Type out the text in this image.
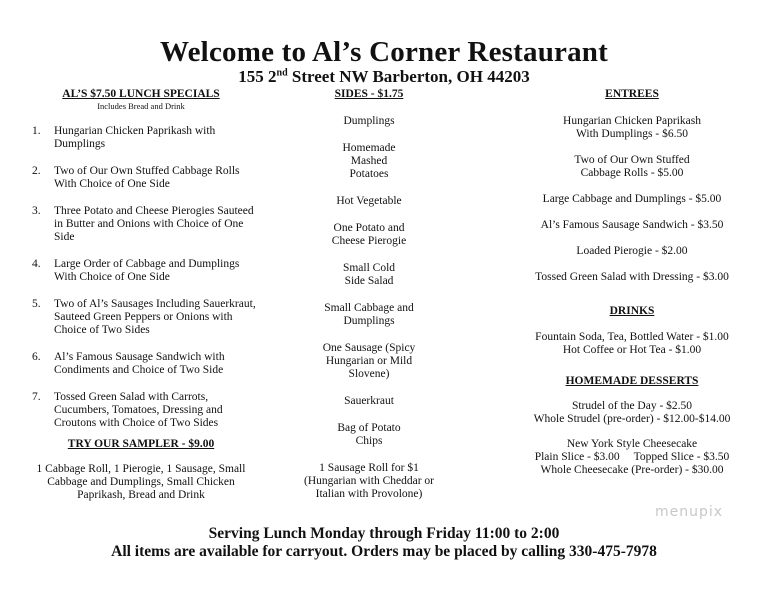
Welcome to Al’s Corner Restaurant
155 2nd Street NW Barberton, OH 44203
AL’S $7.50 LUNCH SPECIALS
Includes Bread and Drink
1.	Hungarian Chicken Paprikash with Dumplings
2.	Two of Our Own Stuffed Cabbage Rolls With Choice of One Side
3.	Three Potato and Cheese Pierogies Sauteed in Butter and Onions with Choice of One Side
4.	Large Order of Cabbage and Dumplings With Choice of One Side
5.	Two of Al’s Sausages Including Sauerkraut, Sauteed Green Peppers or Onions with Choice of Two Sides
6.	Al’s Famous Sausage Sandwich with Condiments and Choice of Two Side
7.	Tossed Green Salad with Carrots, Cucumbers, Tomatoes, Dressing and Croutons with Choice of Two Sides
TRY OUR SAMPLER - $9.00
1 Cabbage Roll, 1 Pierogie, 1 Sausage, Small Cabbage and Dumplings, Small Chicken Paprikash, Bread and Drink
SIDES - $1.75
Dumplings
Homemade Mashed Potatoes
Hot Vegetable
One Potato and Cheese Pierogie
Small Cold Side Salad
Small Cabbage and Dumplings
One Sausage (Spicy Hungarian or Mild Slovene)
Sauerkraut
Bag of Potato Chips
1 Sausage Roll for $1 (Hungarian with Cheddar or Italian with Provolone)
ENTREES
Hungarian Chicken Paprikash With Dumplings - $6.50
Two of Our Own Stuffed Cabbage Rolls - $5.00
Large Cabbage and Dumplings - $5.00
Al’s Famous Sausage Sandwich - $3.50
Loaded Pierogie - $2.00
Tossed Green Salad with Dressing - $3.00
DRINKS
Fountain Soda, Tea, Bottled Water - $1.00
Hot Coffee or Hot Tea - $1.00
HOMEMADE DESSERTS
Strudel of the Day - $2.50
Whole Strudel (pre-order) - $12.00-$14.00
New York Style Cheesecake
Plain Slice - $3.00 Topped Slice - $3.50
Whole Cheesecake (Pre-order) - $30.00
menupix
Serving Lunch Monday through Friday 11:00 to 2:00
All items are available for carryout. Orders may be placed by calling 330-475-7978
